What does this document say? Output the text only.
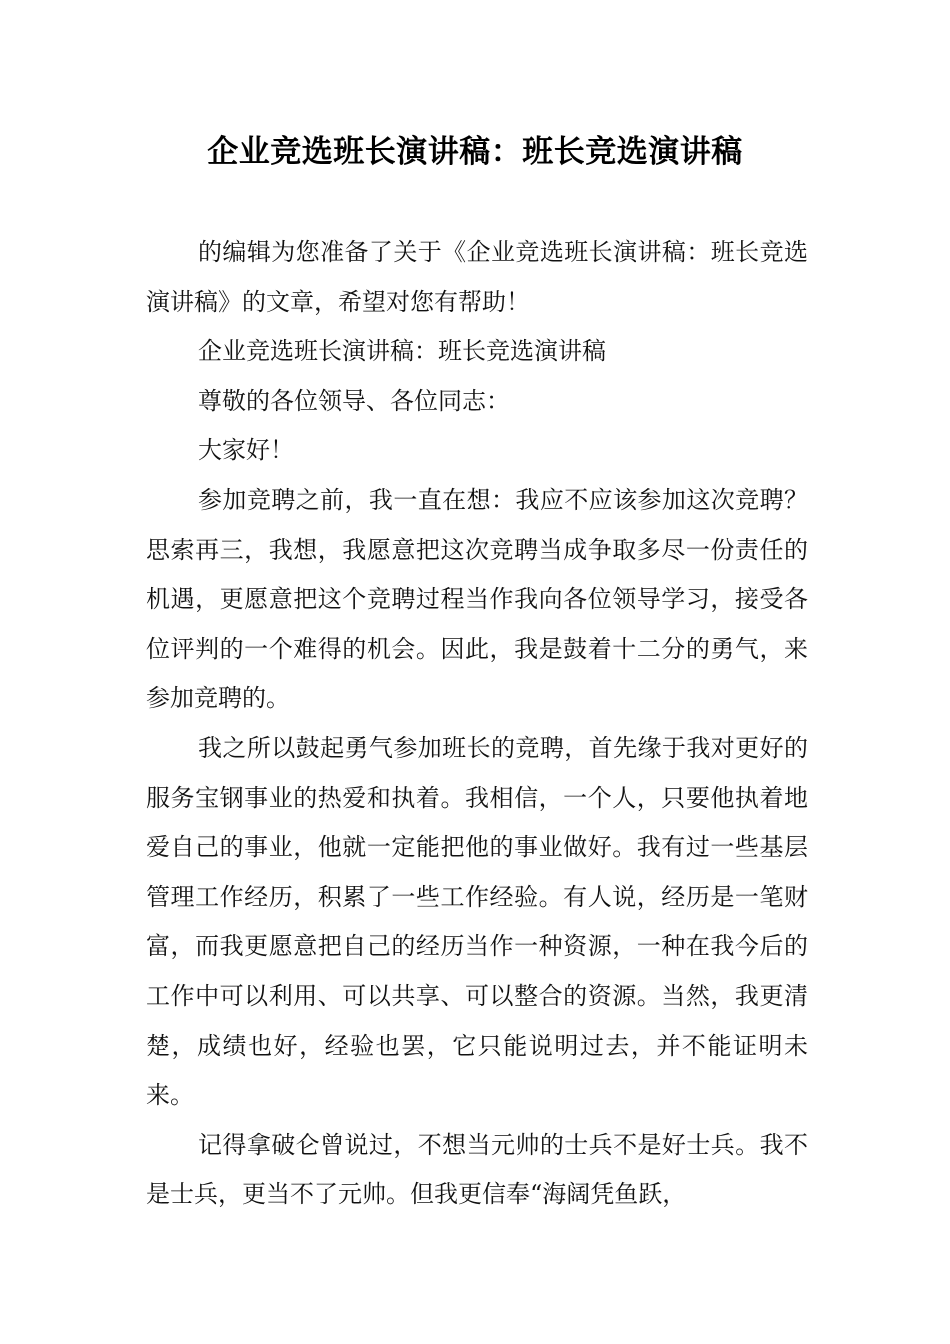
企业竞选班长演讲稿：班长竞选演讲稿

的编辑为您准备了关于《企业竞选班长演讲稿：班长竞选演讲稿》的文章，希望对您有帮助！

企业竞选班长演讲稿：班长竞选演讲稿

尊敬的各位领导、各位同志：

大家好！

参加竞聘之前，我一直在想：我应不应该参加这次竞聘？思索再三，我想，我愿意把这次竞聘当成争取多尽一份责任的机遇，更愿意把这个竞聘过程当作我向各位领导学习，接受各位评判的一个难得的机会。因此，我是鼓着十二分的勇气，来参加竞聘的。

我之所以鼓起勇气参加班长的竞聘，首先缘于我对更好的服务宝钢事业的热爱和执着。我相信，一个人，只要他执着地爱自己的事业，他就一定能把他的事业做好。我有过一些基层管理工作经历，积累了一些工作经验。有人说，经历是一笔财富，而我更愿意把自己的经历当作一种资源，一种在我今后的工作中可以利用、可以共享、可以整合的资源。当然，我更清楚，成绩也好，经验也罢，它只能说明过去，并不能证明未来。

记得拿破仑曾说过，不想当元帅的士兵不是好士兵。我不是士兵，更当不了元帅。但我更信奉“海阔凭鱼跃，
